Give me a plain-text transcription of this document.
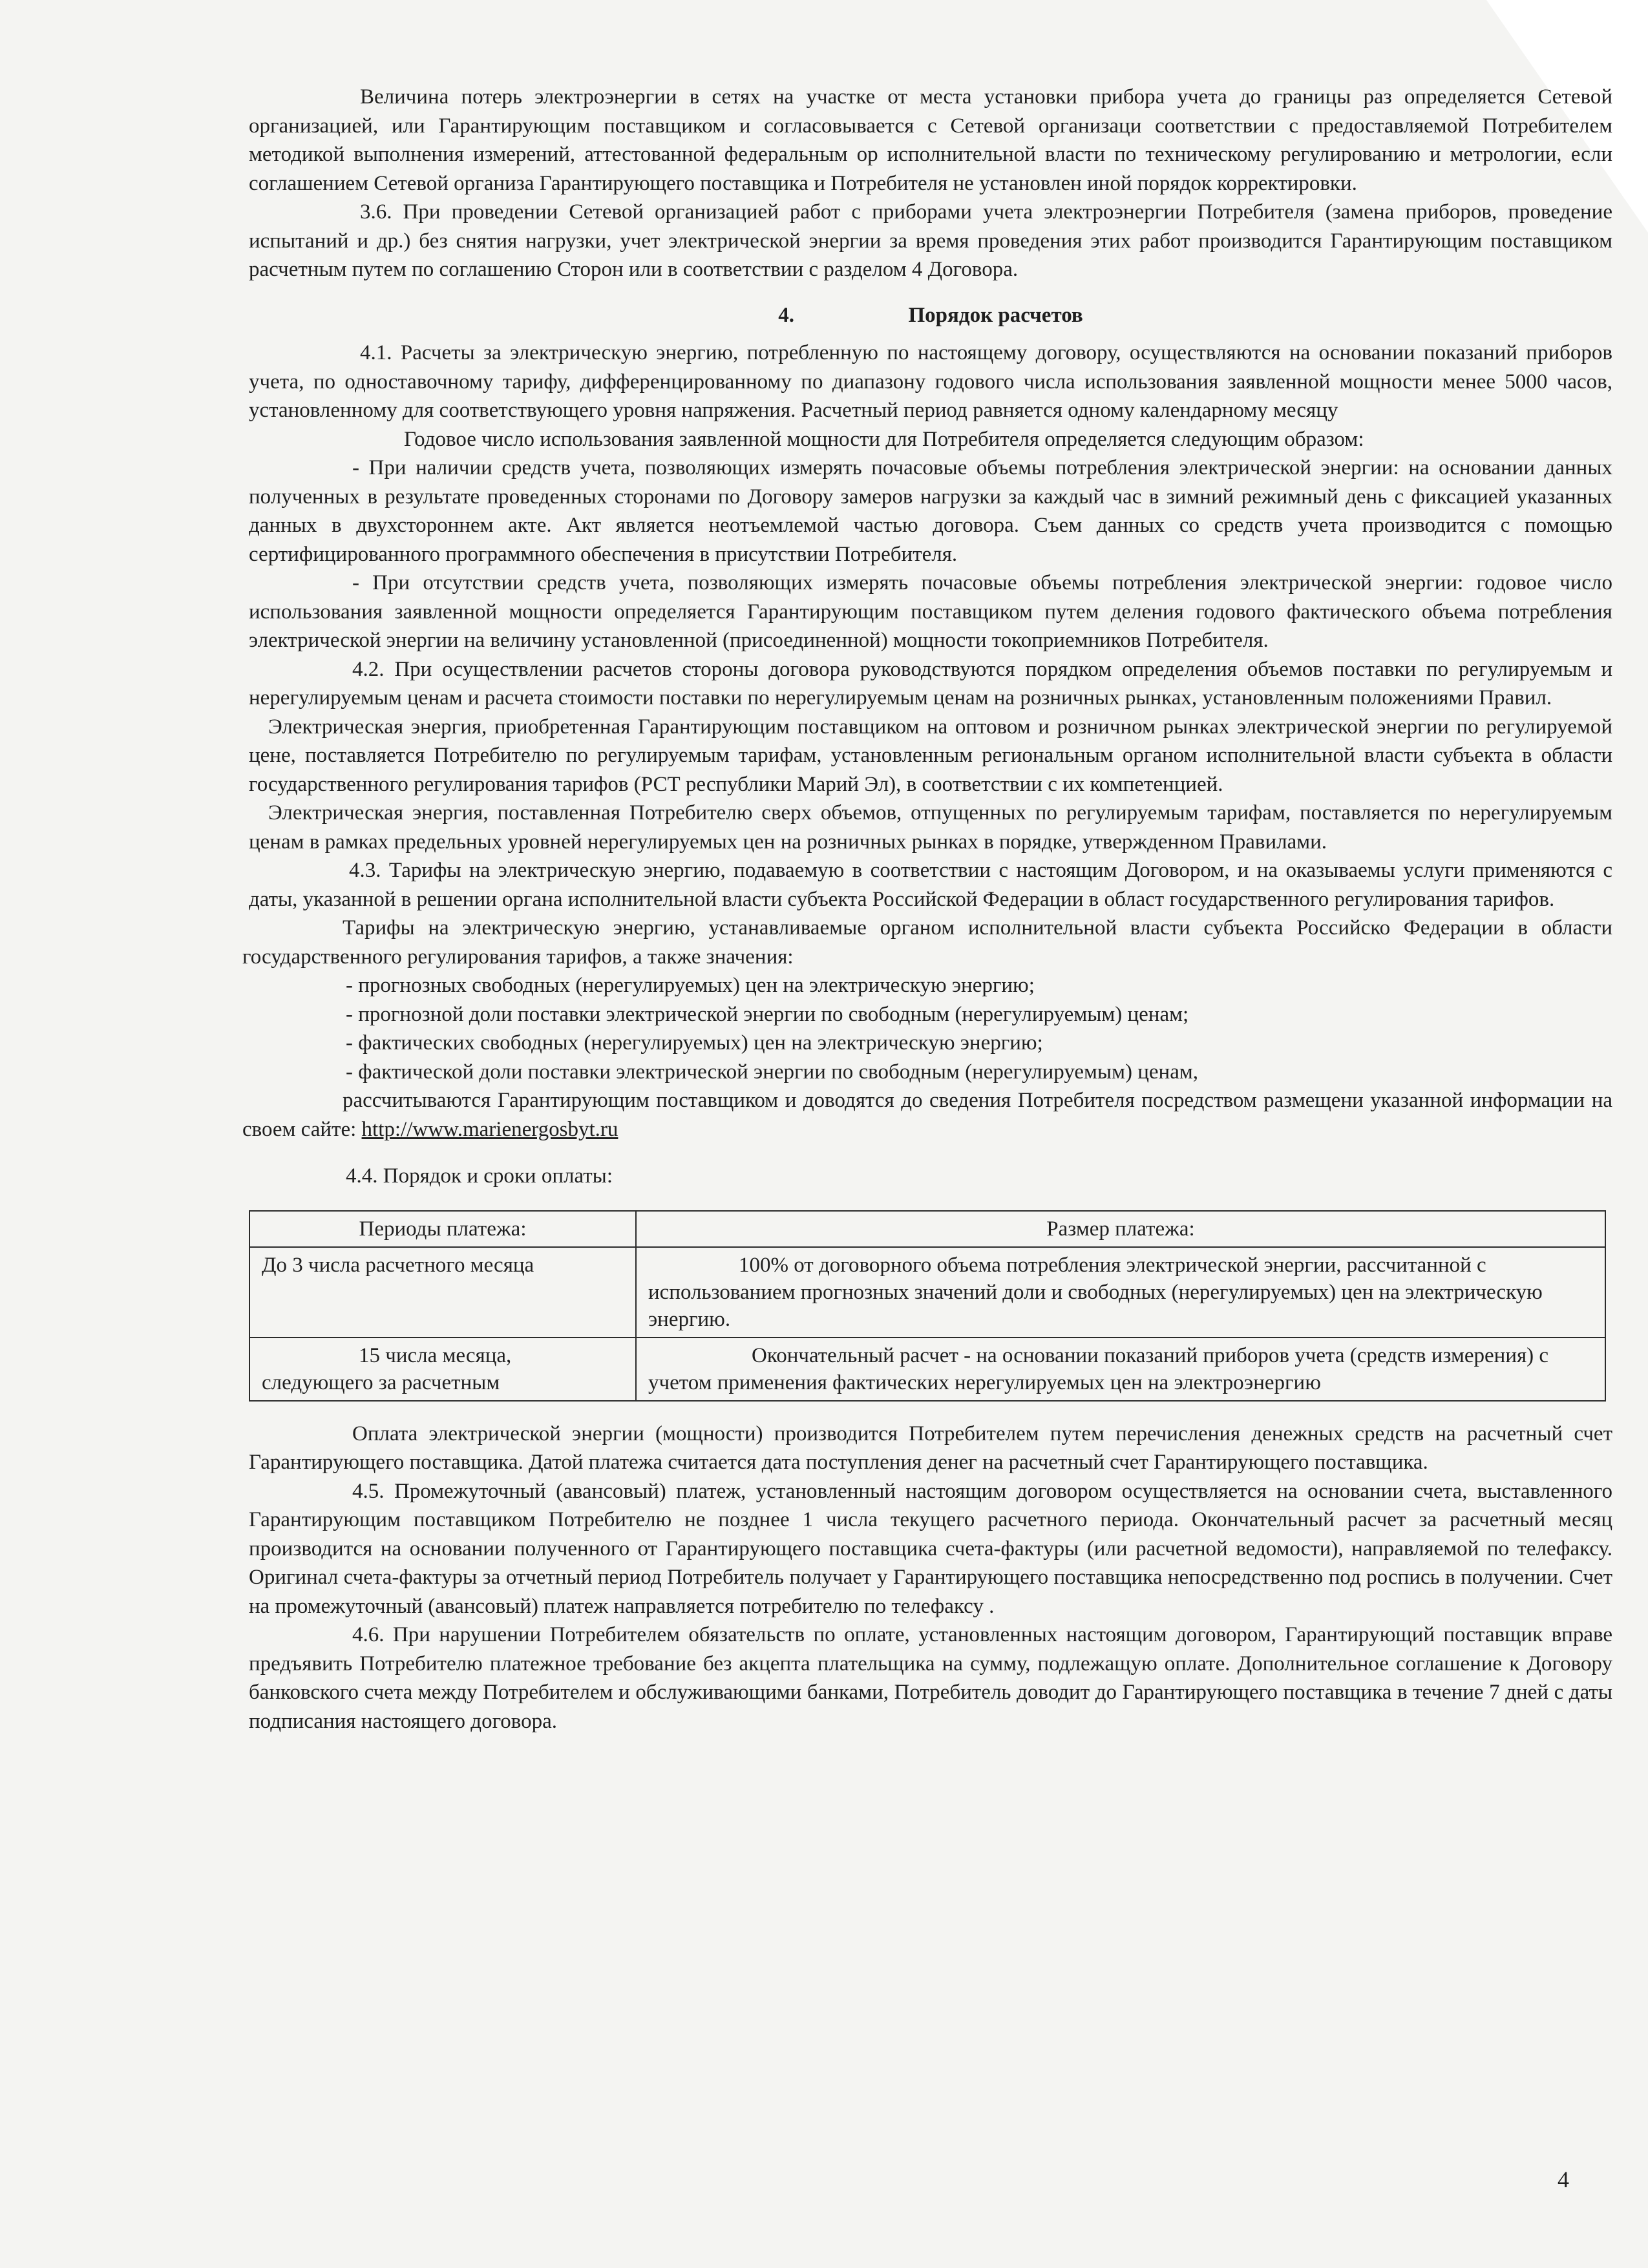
Величина потерь электроэнергии в сетях на участке от места установки прибора учета до границы раз определяется Сетевой организацией, или Гарантирующим поставщиком и согласовывается с Сетевой организаци соответствии с предоставляемой Потребителем методикой выполнения измерений, аттестованной федеральным ор исполнительной власти по техническому регулированию и метрологии, если соглашением Сетевой организа Гарантирующего поставщика и Потребителя не установлен иной порядок корректировки.

3.6. При проведении Сетевой организацией работ с приборами учета электроэнергии Потребителя (замена приборов, проведение испытаний и др.) без снятия нагрузки, учет электрической энергии за время проведения этих работ производится Гарантирующим поставщиком расчетным путем по соглашению Сторон или в соответствии с разделом 4 Договора.

4.	Порядок расчетов

4.1. Расчеты за электрическую энергию, потребленную по настоящему договору, осуществляются на основании показаний приборов учета, по одноставочному тарифу, дифференцированному по диапазону годового числа использования заявленной мощности менее 5000 часов, установленному для соответствующего уровня напряжения. Расчетный период равняется одному календарному месяцу

Годовое число использования заявленной мощности для Потребителя определяется следующим образом:

- При наличии средств учета, позволяющих измерять почасовые объемы потребления электрической энергии: на основании данных полученных в результате проведенных сторонами по Договору замеров нагрузки за каждый час в зимний режимный день с фиксацией указанных данных в двухстороннем акте. Акт является неотъемлемой частью договора. Съем данных со средств учета производится с помощью сертифицированного программного обеспечения в присутствии Потребителя.

- При отсутствии средств учета, позволяющих измерять почасовые объемы потребления электрической энергии: годовое число использования заявленной мощности определяется Гарантирующим поставщиком путем деления годового фактического объема потребления электрической энергии на величину установленной (присоединенной) мощности токоприемников Потребителя.

4.2. При осуществлении расчетов стороны договора руководствуются порядком определения объемов поставки по регулируемым и нерегулируемым ценам и расчета стоимости поставки по нерегулируемым ценам на розничных рынках, установленным положениями Правил.

Электрическая энергия, приобретенная Гарантирующим поставщиком на оптовом и розничном рынках электрической энергии по регулируемой цене, поставляется Потребителю по регулируемым тарифам, установленным региональным органом исполнительной власти субъекта в области государственного регулирования тарифов (РСТ республики Марий Эл), в соответствии с их компетенцией.

Электрическая энергия, поставленная Потребителю сверх объемов, отпущенных по регулируемым тарифам, поставляется по нерегулируемым ценам в рамках предельных уровней нерегулируемых цен на розничных рынках в порядке, утвержденном Правилами.

4.3. Тарифы на электрическую энергию, подаваемую в соответствии с настоящим Договором, и на оказываемы услуги применяются с даты, указанной в решении органа исполнительной власти субъекта Российской Федерации в област государственного регулирования тарифов.

Тарифы на электрическую энергию, устанавливаемые органом исполнительной власти субъекта Российско Федерации в области государственного регулирования тарифов, а также значения:

- прогнозных свободных (нерегулируемых) цен на электрическую энергию;

- прогнозной доли поставки электрической энергии по свободным (нерегулируемым) ценам;

- фактических свободных (нерегулируемых) цен на электрическую энергию;

- фактической доли поставки электрической энергии по свободным (нерегулируемым) ценам,

рассчитываются Гарантирующим поставщиком и доводятся до сведения Потребителя посредством размещени указанной информации на своем сайте: http://www.marienergosbyt.ru

4.4. Порядок и сроки оплаты:

Периоды платежа:	Размер платежа:
До 3 числа расчетного месяца	100% от договорного объема потребления электрической энергии, рассчитанной с использованием прогнозных значений доли и свободных (нерегулируемых) цен на электрическую энергию.

15 числа месяца, следующего за расчетным	Окончательный расчет - на основании показаний приборов учета (средств измерения) с учетом применения фактических нерегулируемых цен на электроэнергию

Оплата электрической энергии (мощности) производится Потребителем путем перечисления денежных средств на расчетный счет Гарантирующего поставщика. Датой платежа считается дата поступления денег на расчетный счет Гарантирующего поставщика.

4.5. Промежуточный (авансовый) платеж, установленный настоящим договором осуществляется на основании счета, выставленного Гарантирующим поставщиком Потребителю не позднее 1 числа текущего расчетного периода. Окончательный расчет за расчетный месяц производится на основании полученного от Гарантирующего поставщика счета-фактуры (или расчетной ведомости), направляемой по телефаксу. Оригинал счета-фактуры за отчетный период Потребитель получает у Гарантирующего поставщика непосредственно под роспись в получении. Счет на промежуточный (авансовый) платеж направляется потребителю по телефаксу .

4.6. При нарушении Потребителем обязательств по оплате, установленных настоящим договором, Гарантирующий поставщик вправе предъявить Потребителю платежное требование без акцепта плательщика на сумму, подлежащую оплате. Дополнительное соглашение к Договору банковского счета между Потребителем и обслуживающими банками, Потребитель доводит до Гарантирующего поставщика в течение 7 дней с даты подписания настоящего договора.

4
